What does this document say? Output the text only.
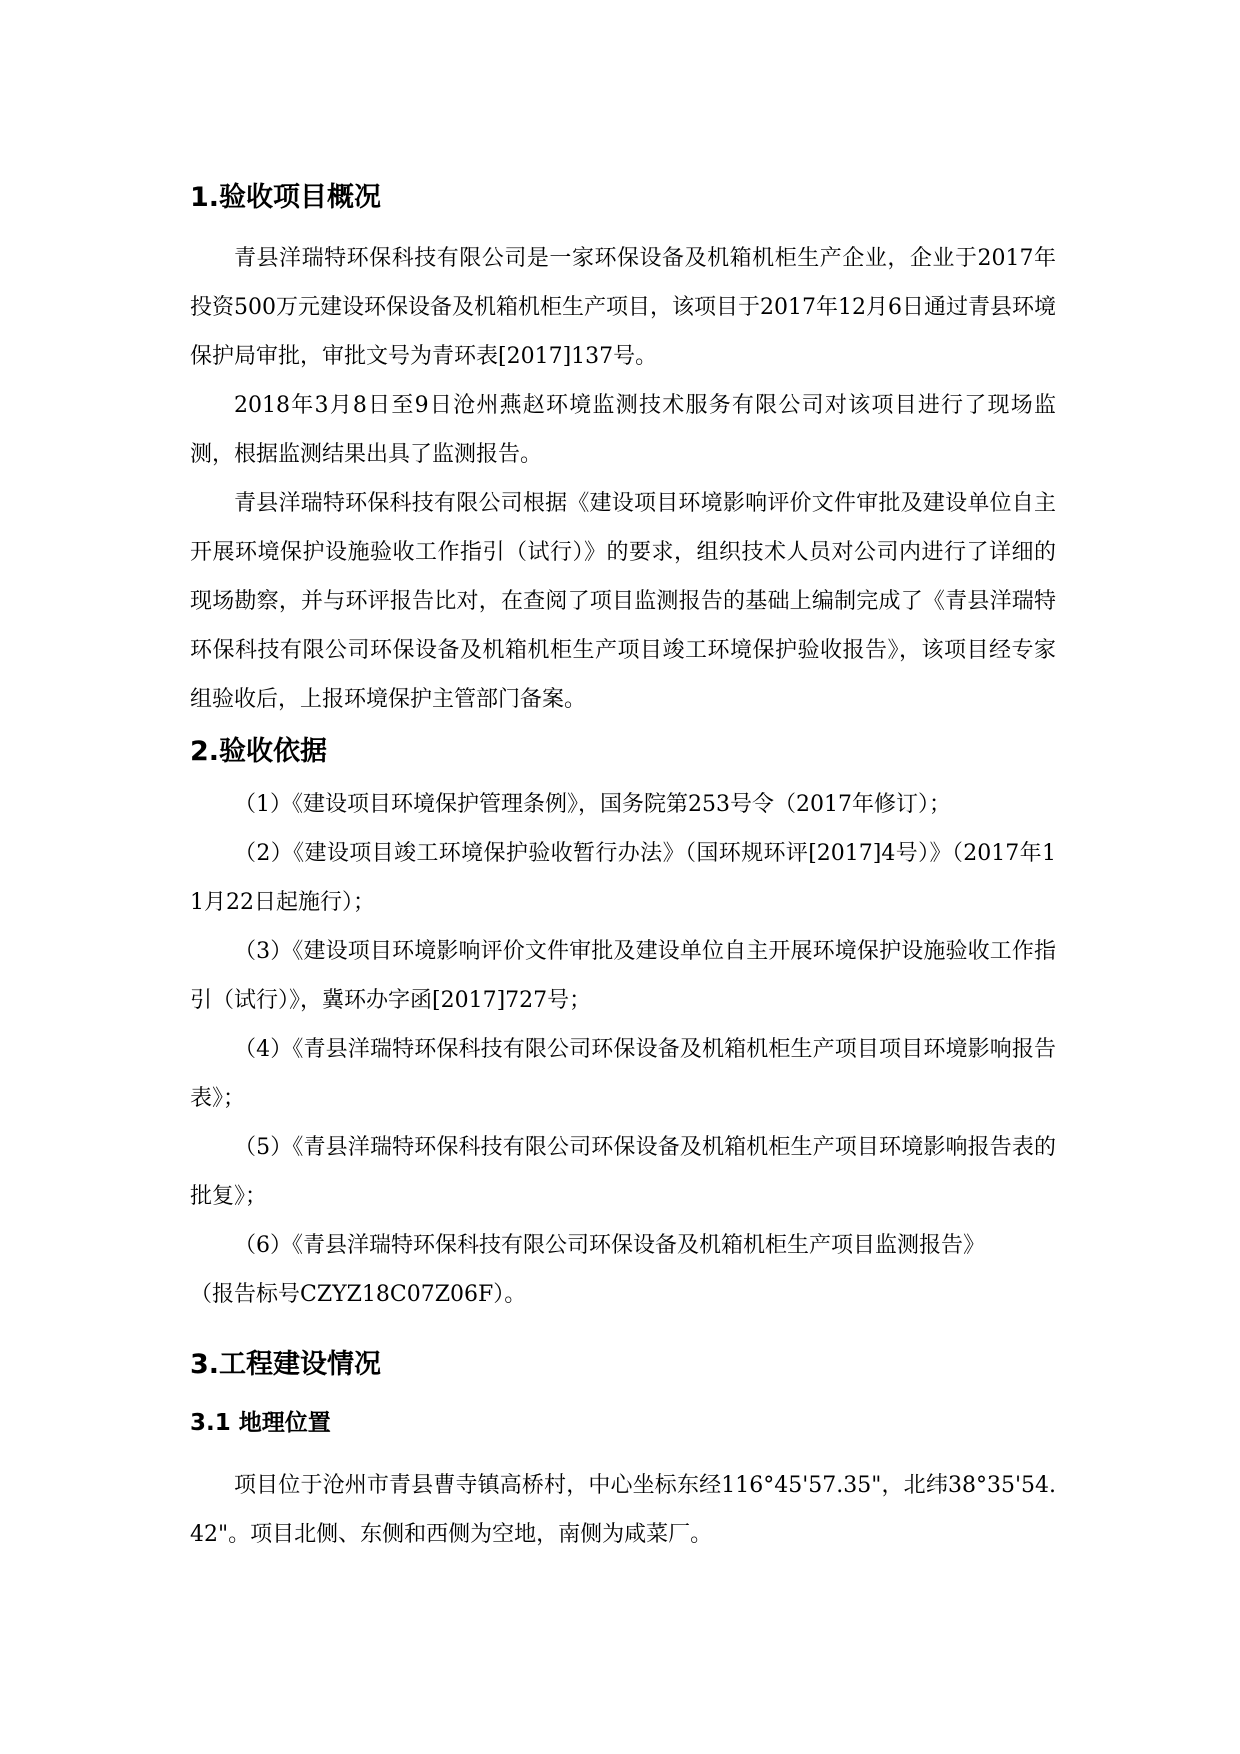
1.验收项目概况

青县洋瑞特环保科技有限公司是一家环保设备及机箱机柜生产企业，企业于2017年投资500万元建设环保设备及机箱机柜生产项目，该项目于2017年12月6日通过青县环境保护局审批，审批文号为青环表[2017]137号。

2018年3月8日至9日沧州燕赵环境监测技术服务有限公司对该项目进行了现场监测，根据监测结果出具了监测报告。

青县洋瑞特环保科技有限公司根据《建设项目环境影响评价文件审批及建设单位自主开展环境保护设施验收工作指引（试行）》的要求，组织技术人员对公司内进行了详细的现场勘察，并与环评报告比对，在查阅了项目监测报告的基础上编制完成了《青县洋瑞特环保科技有限公司环保设备及机箱机柜生产项目竣工环境保护验收报告》，该项目经专家组验收后，上报环境保护主管部门备案。

2.验收依据

（1）《建设项目环境保护管理条例》，国务院第253号令（2017年修订）；

（2）《建设项目竣工环境保护验收暂行办法》（国环规环评[2017]4号）》（2017年11月22日起施行）；

（3）《建设项目环境影响评价文件审批及建设单位自主开展环境保护设施验收工作指引（试行）》，冀环办字函[2017]727号；

（4）《青县洋瑞特环保科技有限公司环保设备及机箱机柜生产项目项目环境影响报告表》；

（5）《青县洋瑞特环保科技有限公司环保设备及机箱机柜生产项目环境影响报告表的批复》；

（6）《青县洋瑞特环保科技有限公司环保设备及机箱机柜生产项目监测报告》

（报告标号CZYZ18C07Z06F）。

3.工程建设情况
3.1 地理位置

项目位于沧州市青县曹寺镇高桥村，中心坐标东经116°45'57.35"，北纬38°35'54.42"。项目北侧、东侧和西侧为空地，南侧为咸菜厂。
